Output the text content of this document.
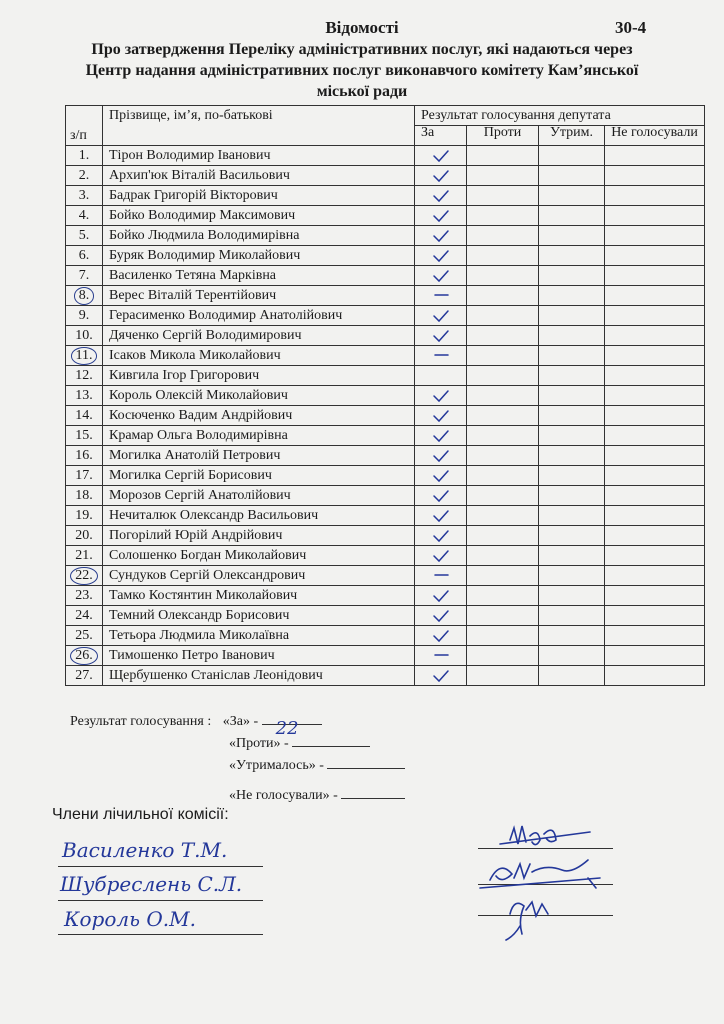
Відомості	30-4
Про затвердження Переліку адміністративних послуг, які надаються через
Центр надання адміністративних послуг виконавчого комітету Кам’янської
міської ради
з/п	Прізвище, ім’я, по-батькові	Результат голосування депутата			
		За	Проти	Утрим.	Не голосували
1.	Тірон Володимир Іванович				
2.	Архип'юк Віталій Васильович				
3.	Бадрак Григорій Вікторович				
4.	Бойко Володимир Максимович				
5.	Бойко Людмила Володимирівна				
6.	Буряк Володимир Миколайович				
7.	Василенко Тетяна Марківна				
8.	Верес Віталій Терентійович				
9.	Герасименко Володимир Анатолійович				
10.	Дяченко Сергій Володимирович				
11.	Ісаков Микола Миколайович				
12.	Кивгила Ігор Григорович				
13.	Король Олексій Миколайович				
14.	Косюченко Вадим Андрійович				
15.	Крамар Ольга Володимирівна				
16.	Могилка Анатолій Петрович				
17.	Могилка Сергій Борисович				
18.	Морозов Сергій Анатолійович				
19.	Нечиталюк Олександр Васильович				
20.	Погорілий Юрій Андрійович				
21.	Солошенко Богдан Миколайович				
22.	Сундуков Сергій Олександрович				
23.	Тамко Костянтин Миколайович				
24.	Темний Олександр Борисович				
25.	Тетьора Людмила Миколаївна				
26.	Тимошенко Петро Іванович				
27.	Щербушенко Станіслав Леонідович				
Результат голосування : «За» - 22
«Проти» -
«Утрималось» -
«Не голосували» -
Члени лічильної комісії:
Василенко Т.М.
Шубреслень С.Л.
Король О.М.
